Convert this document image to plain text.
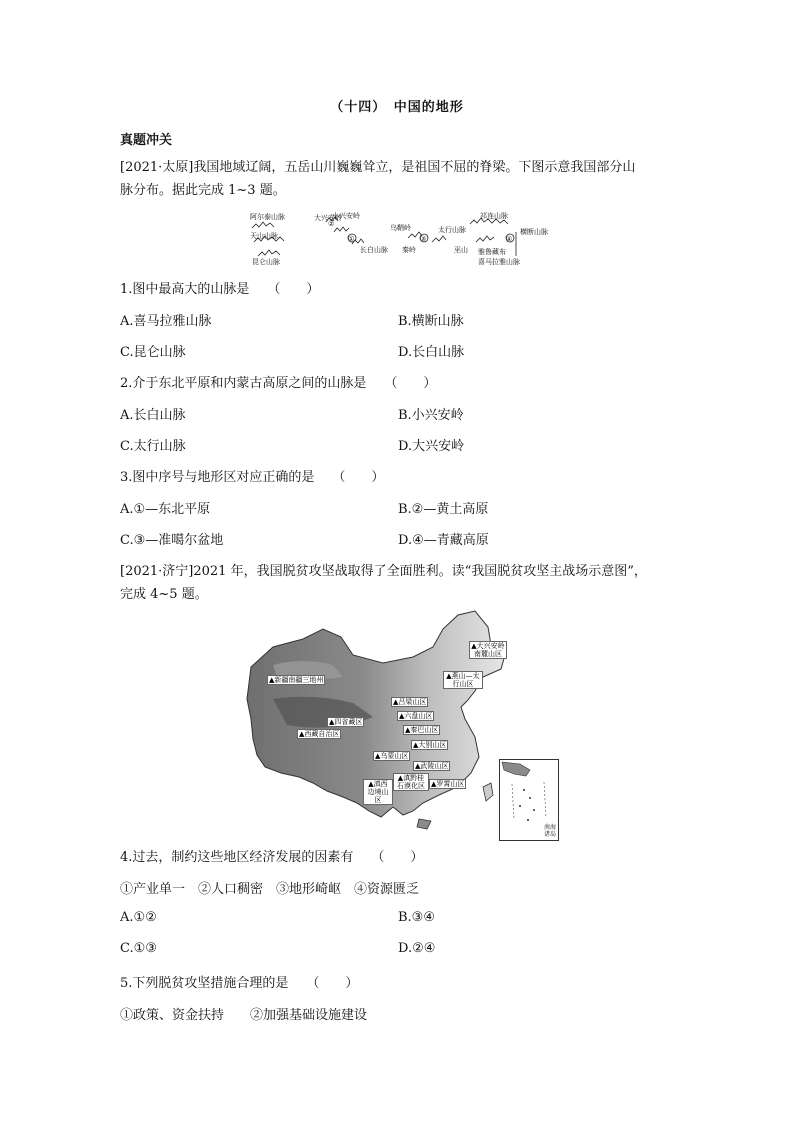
（十四）　中国的地形
真题冲关
[2021·太原]我国地域辽阔，五岳山川巍巍耸立，是祖国不屈的脊梁。下图示意我国部分山
脉分布。据此完成 1~3 题。
阿尔泰山脉
天山山脉
昆仑山脉
大兴安岭
小兴安岭
长白山脉
①	③
乌鞘岭	太行山脉
秦岭
祁连山脉
雅鲁藏布
横断山脉
④
②
巫山
喜马拉雅山脉
1.图中最高大的山脉是 （　　）
A.喜马拉雅山脉	B.横断山脉
C.昆仑山脉	D.长白山脉
2.介于东北平原和内蒙古高原之间的山脉是 （　　）
A.长白山脉	B.小兴安岭
C.太行山脉	D.大兴安岭
3.图中序号与地形区对应正确的是 （　　）
A.①—东北平原	B.②—黄土高原
C.③—准噶尔盆地	D.④—青藏高原
[2021·济宁]2021 年，我国脱贫攻坚战取得了全面胜利。读“我国脱贫攻坚主战场示意图”，
完成 4~5 题。
▲新疆南疆三地州
▲西藏自治区
▲四省藏区
▲吕梁山区
▲六盘山区
▲秦巴山区
▲大别山区
▲燕山—太行山区
▲大兴安岭南麓山区
▲乌蒙山区
▲武陵山区
▲滇黔桂石漠化区 ▲罗霄山区
▲滇西边境山区
南海诸岛
4.过去，制约这些地区经济发展的因素有 （　　）
①产业单一　②人口稠密　③地形崎岖　④资源匮乏
A.①②	B.③④
C.①③	D.②④
5.下列脱贫攻坚措施合理的是 （　　）
①政策、资金扶持　　②加强基础设施建设
